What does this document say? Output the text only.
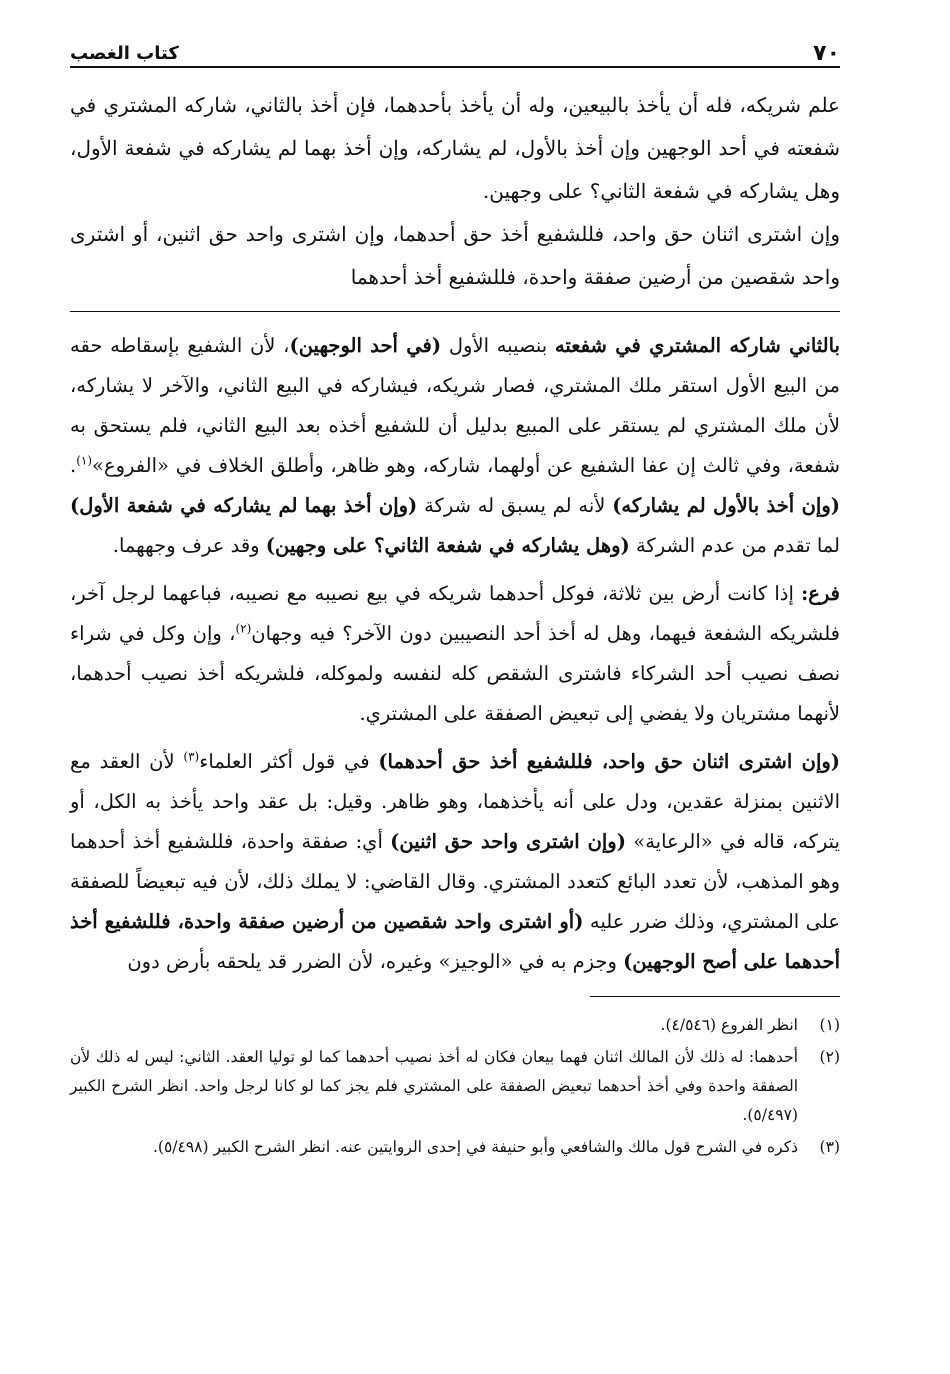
٧٠
كتاب الغصب

علم شريكه، فله أن يأخذ بالبيعين، وله أن يأخذ بأحدهما، فإن أخذ بالثاني، شاركه المشتري في شفعته في أحد الوجهين وإن أخذ بالأول، لم يشاركه، وإن أخذ بهما لم يشاركه في شفعة الأول، وهل يشاركه في شفعة الثاني؟ على وجهين.

وإن اشترى اثنان حق واحد، فللشفيع أخذ حق أحدهما، وإن اشترى واحد حق اثنين، أو اشترى واحد شقصين من أرضين صفقة واحدة، فللشفيع أخذ أحدهما

بالثاني شاركه المشتري في شفعته بنصيبه الأول (في أحد الوجهين)، لأن الشفيع بإسقاطه حقه من البيع الأول استقر ملك المشتري، فصار شريكه، فيشاركه في البيع الثاني، والآخر لا يشاركه، لأن ملك المشتري لم يستقر على المبيع بدليل أن للشفيع أخذه بعد البيع الثاني، فلم يستحق به شفعة، وفي ثالث إن عفا الشفيع عن أولهما، شاركه، وهو ظاهر، وأطلق الخلاف في «الفروع»$^{(١)}$. (وإن أخذ بالأول لم يشاركه) لأنه لم يسبق له شركة (وإن أخذ بهما لم يشاركه في شفعة الأول) لما تقدم من عدم الشركة (وهل يشاركه في شفعة الثاني؟ على وجهين) وقد عرف وجههما.

فرع: إذا كانت أرض بين ثلاثة، فوكل أحدهما شريكه في بيع نصيبه مع نصيبه، فباعهما لرجل آخر، فلشريكه الشفعة فيهما، وهل له أخذ أحد النصيبين دون الآخر؟ فيه وجهان$^{(٢)}$، وإن وكل في شراء نصف نصيب أحد الشركاء فاشترى الشقص كله لنفسه ولموكله، فلشريكه أخذ نصيب أحدهما، لأنهما مشتريان ولا يفضي إلى تبعيض الصفقة على المشتري.

(وإن اشترى اثنان حق واحد، فللشفيع أخذ حق أحدهما) في قول أكثر العلماء$^{(٣)}$ لأن العقد مع الاثنين بمنزلة عقدين، ودل على أنه يأخذهما، وهو ظاهر. وقيل: بل عقد واحد يأخذ به الكل، أو يتركه، قاله في «الرعاية» (وإن اشترى واحد حق اثنين) أي: صفقة واحدة، فللشفيع أخذ أحدهما وهو المذهب، لأن تعدد البائع كتعدد المشتري. وقال القاضي: لا يملك ذلك، لأن فيه تبعيضاً للصفقة على المشتري، وذلك ضرر عليه (أو اشترى واحد شقصين من أرضين صفقة واحدة، فللشفيع أخذ أحدهما على أصح الوجهين) وجزم به في «الوجيز» وغيره، لأن الضرر قد يلحقه بأرض دون

(١)
انظر الفروع (٤/٥٤٦).
(٢)
أحدهما: له ذلك لأن المالك اثنان فهما بيعان فكان له أخذ نصيب أحدهما كما لو توليا العقد. الثاني: ليس له ذلك لأن الصفقة واحدة وفي أخذ أحدهما تبعيض الصفقة على المشتري فلم يجز كما لو كانا لرجل واحد. انظر الشرح الكبير (٥/٤٩٧).
(٣)
ذكره في الشرح قول مالك والشافعي وأبو حنيفة في إحدى الروايتين عنه. انظر الشرح الكبير (٥/٤٩٨).
